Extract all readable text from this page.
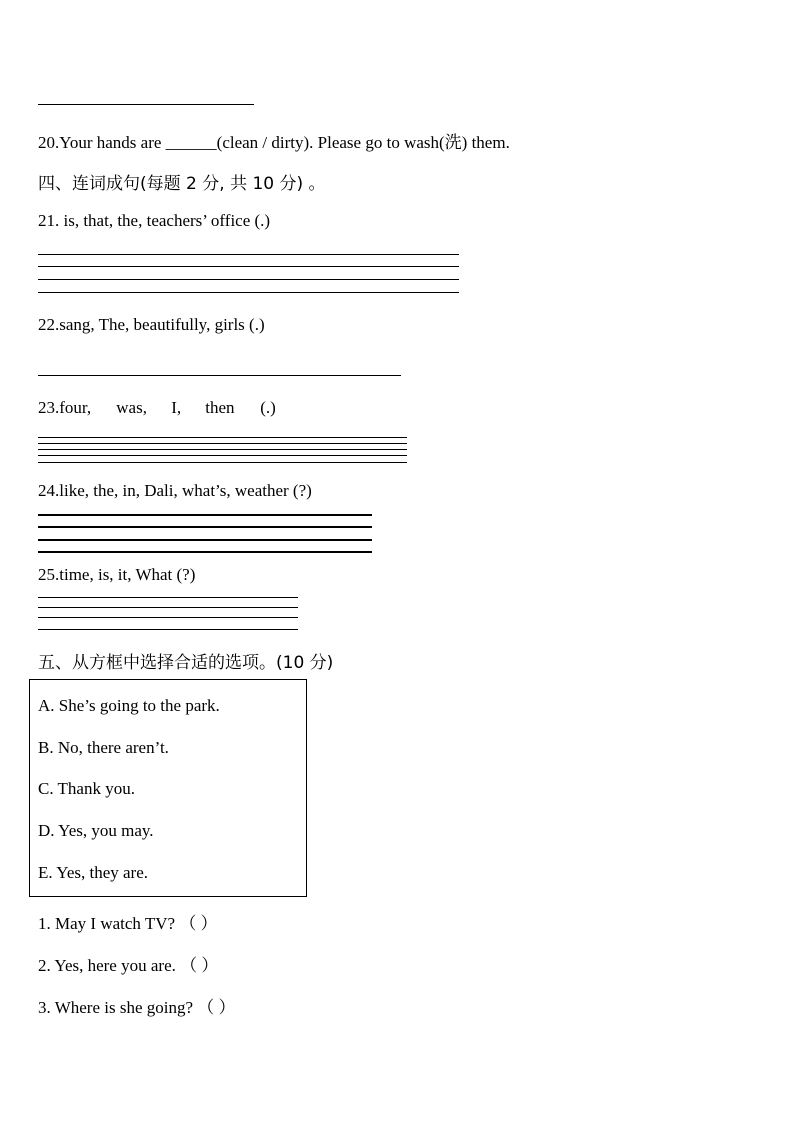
20.Your hands are ______(clean / dirty). Please go to wash(洗) them.
四、连词成句(每题 2 分, 共 10 分) 。
21. is, that, the, teachers’ office (.)
22.sang, The, beautifully, girls (.)
23.four, was, I, then (.)
24.like, the, in, Dali, what’s, weather (?)
25.time, is, it, What (?)
五、从方框中选择合适的选项。(10 分)
A. She’s going to the park.
B. No, there aren’t.
C. Thank you.
D. Yes, you may.
E. Yes, they are.
1. May I watch TV? （ ）
2. Yes, here you are. （ ）
3. Where is she going? （ ）
